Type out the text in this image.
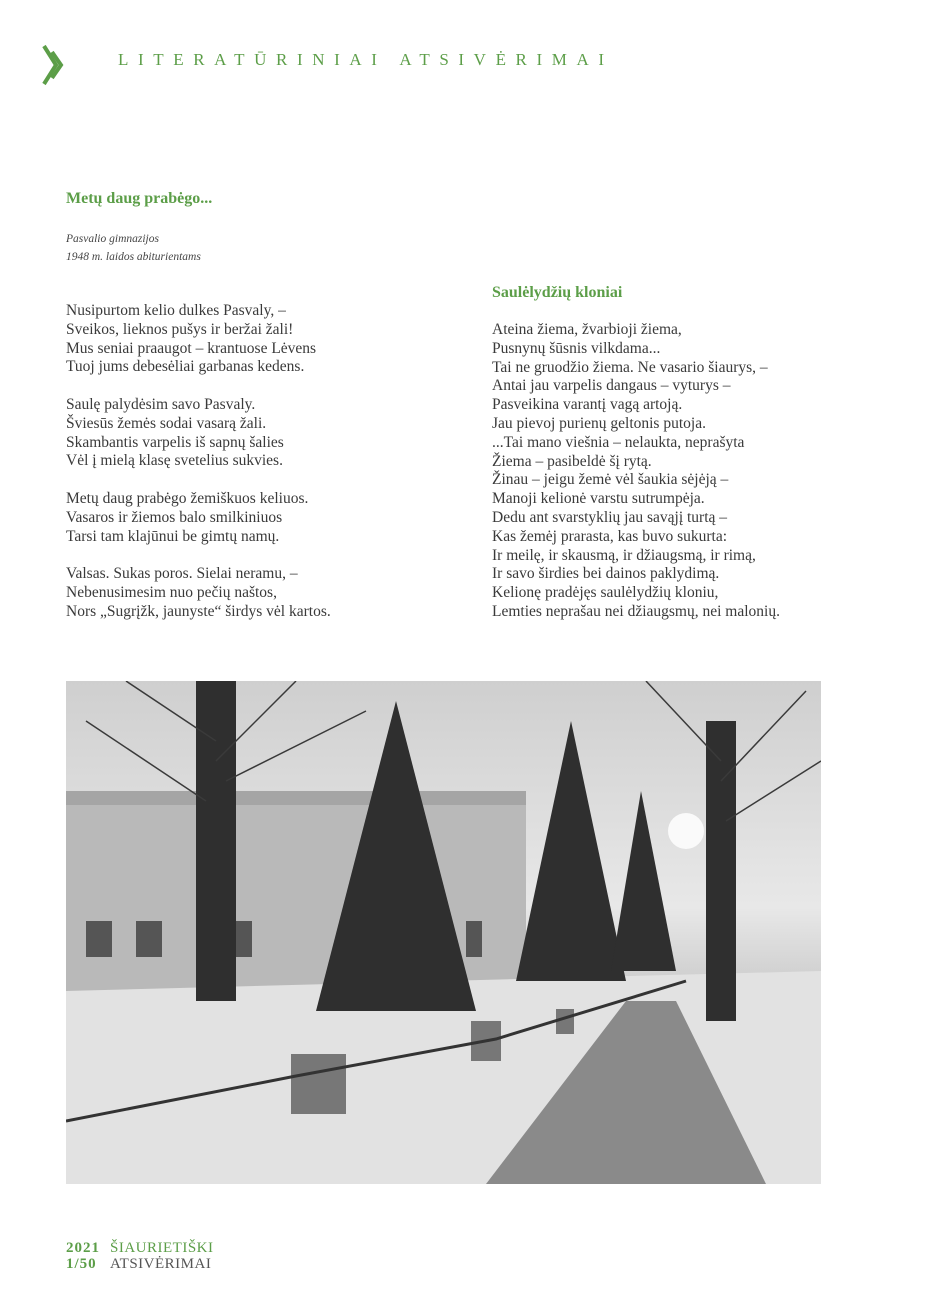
LITERATŪRINIAI ATSIVĖRIMAI
Metų daug prabėgo...
Pasvalio gimnazijos
1948 m. laidos abiturientams
Nusipurtom kelio dulkes Pasvaly, –
Sveikos, lieknos pušys ir beržai žali!
Mus seniai praaugot – krantuose Lėvens
Tuoj jums debesėliai garbanas kedens.
Saulę palydėsim savo Pasvaly.
Šviesūs žemės sodai vasarą žali.
Skambantis varpelis iš sapnų šalies
Vėl į mielą klasę svetelius sukvies.
Metų daug prabėgo žemiškuos keliuos.
Vasaros ir žiemos balo smilkiniuos
Tarsi tam klajūnui be gimtų namų.
Valsas. Sukas poros. Sielai neramu, –
Nebenusimesim nuo pečių naštos,
Nors „Sugrįžk, jaunyste“ širdys vėl kartos.
Saulėlydžių kloniai
Ateina žiema, žvarbioji žiema,
Pusnynų šūsnis vilkdama...
Tai ne gruodžio žiema. Ne vasario šiaurys, –
Antai jau varpelis dangaus – vyturys –
Pasveikina varantį vagą artoją.
Jau pievoj purienų geltonis putoja.
...Tai mano viešnia – nelaukta, neprašyta
Žiema – pasibeldė šį rytą.
Žinau – jeigu žemė vėl šaukia sėjėją –
Manoji kelionė varstu sutrumpėja.
Dedu ant svarstyklių jau savąjį turtą –
Kas žemėj prarasta, kas buvo sukurta:
Ir meilę, ir skausmą, ir džiaugsmą, ir rimą,
Ir savo širdies bei dainos paklydimą.
Kelionę pradėjęs saulėlydžių kloniu,
Lemties neprašau nei džiaugsmų, nei malonių.
2021 ŠIAURIETIŠKI
1/50 ATSIVĖRIMAI
